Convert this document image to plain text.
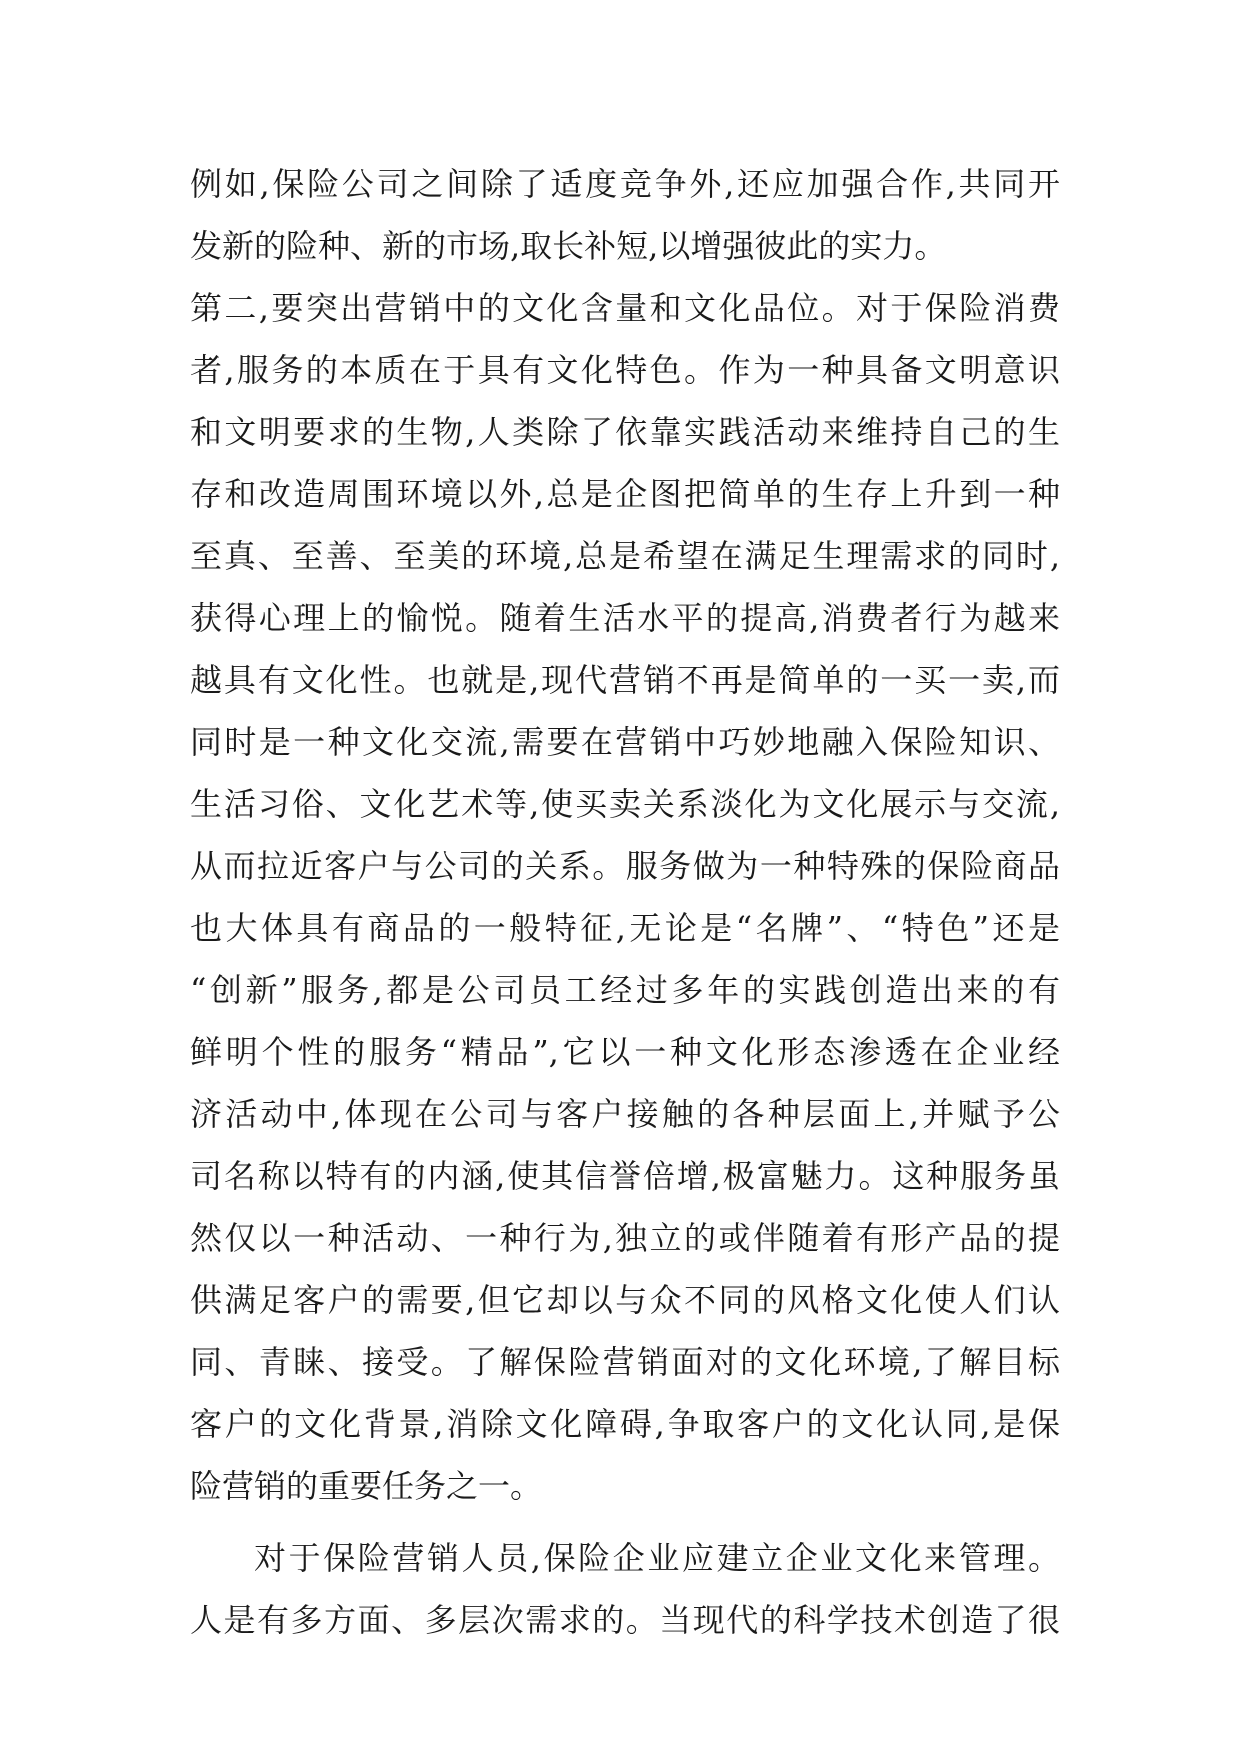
例如,保险公司之间除了适度竞争外,还应加强合作,共同开
发新的险种、新的市场,取长补短,以增强彼此的实力。
第二,要突出营销中的文化含量和文化品位。对于保险消费
者,服务的本质在于具有文化特色。作为一种具备文明意识
和文明要求的生物,人类除了依靠实践活动来维持自己的生
存和改造周围环境以外,总是企图把简单的生存上升到一种
至真、至善、至美的环境,总是希望在满足生理需求的同时,
获得心理上的愉悦。随着生活水平的提高,消费者行为越来
越具有文化性。也就是,现代营销不再是简单的一买一卖,而
同时是一种文化交流,需要在营销中巧妙地融入保险知识、
生活习俗、文化艺术等,使买卖关系淡化为文化展示与交流,
从而拉近客户与公司的关系。服务做为一种特殊的保险商品
也大体具有商品的一般特征,无论是“名牌”、“特色”还是
“创新”服务,都是公司员工经过多年的实践创造出来的有
鲜明个性的服务“精品”,它以一种文化形态渗透在企业经
济活动中,体现在公司与客户接触的各种层面上,并赋予公
司名称以特有的内涵,使其信誉倍增,极富魅力。这种服务虽
然仅以一种活动、一种行为,独立的或伴随着有形产品的提
供满足客户的需要,但它却以与众不同的风格文化使人们认
同、青睐、接受。了解保险营销面对的文化环境,了解目标
客户的文化背景,消除文化障碍,争取客户的文化认同,是保
险营销的重要任务之一。
对于保险营销人员,保险企业应建立企业文化来管理。
人是有多方面、多层次需求的。当现代的科学技术创造了很
